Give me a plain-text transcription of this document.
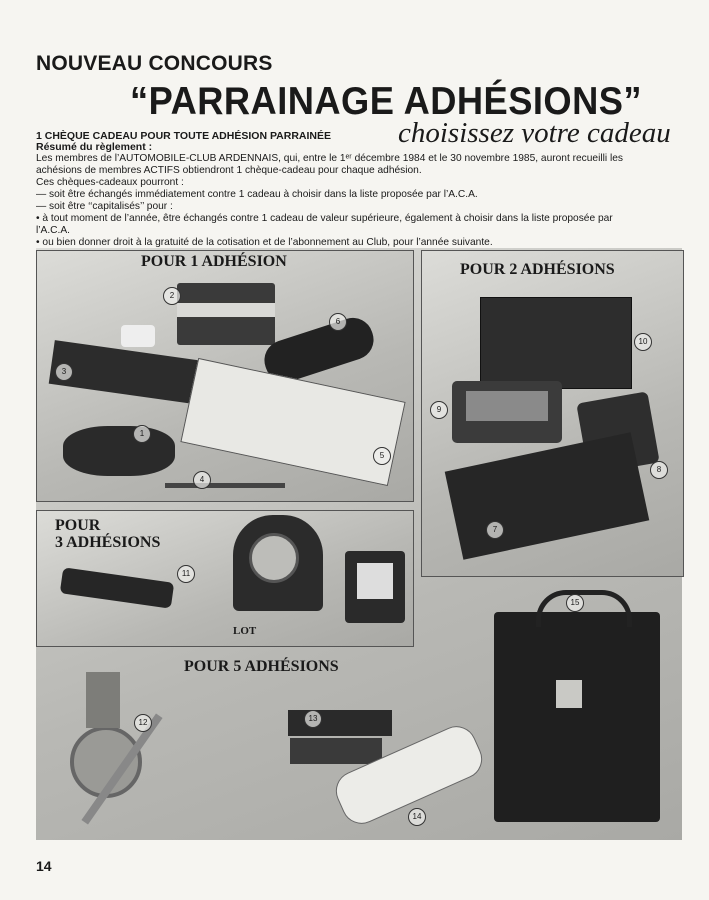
NOUVEAU CONCOURS
“PARRAINAGE ADHÉSIONS”
1 CHÈQUE CADEAU POUR TOUTE ADHÉSION PARRAINÉE choisissez votre cadeau
Résumé du règlement :
Les membres de l’AUTOMOBILE-CLUB ARDENNAIS, qui, entre le 1ᵉʳ décembre 1984 et le 30 novembre 1985, auront recueilli les
achésions de membres ACTIFS obtiendront 1 chèque-cadeau pour chaque adhésion.
Ces chèques-cadeaux pourront :
— soit être échangés immédiatement contre 1 cadeau à choisir dans la liste proposée par l’A.C.A.
— soit être ‘‘capitalisés’’ pour :
• à tout moment de l’année, être échangés contre 1 cadeau de valeur supérieure, également à choisir dans la liste proposée par
l’A.C.A.
• ou bien donner droit à la gratuité de la cotisation et de l’abonnement au Club, pour l’année suivante.
POUR 1 ADHÉSION
2
3
1
4
5
6
POUR 2 ADHÉSIONS
10
9
8
7
POUR
3 ADHÉSIONS
11
LOT
POUR 5 ADHÉSIONS
12	13
14
15
14
